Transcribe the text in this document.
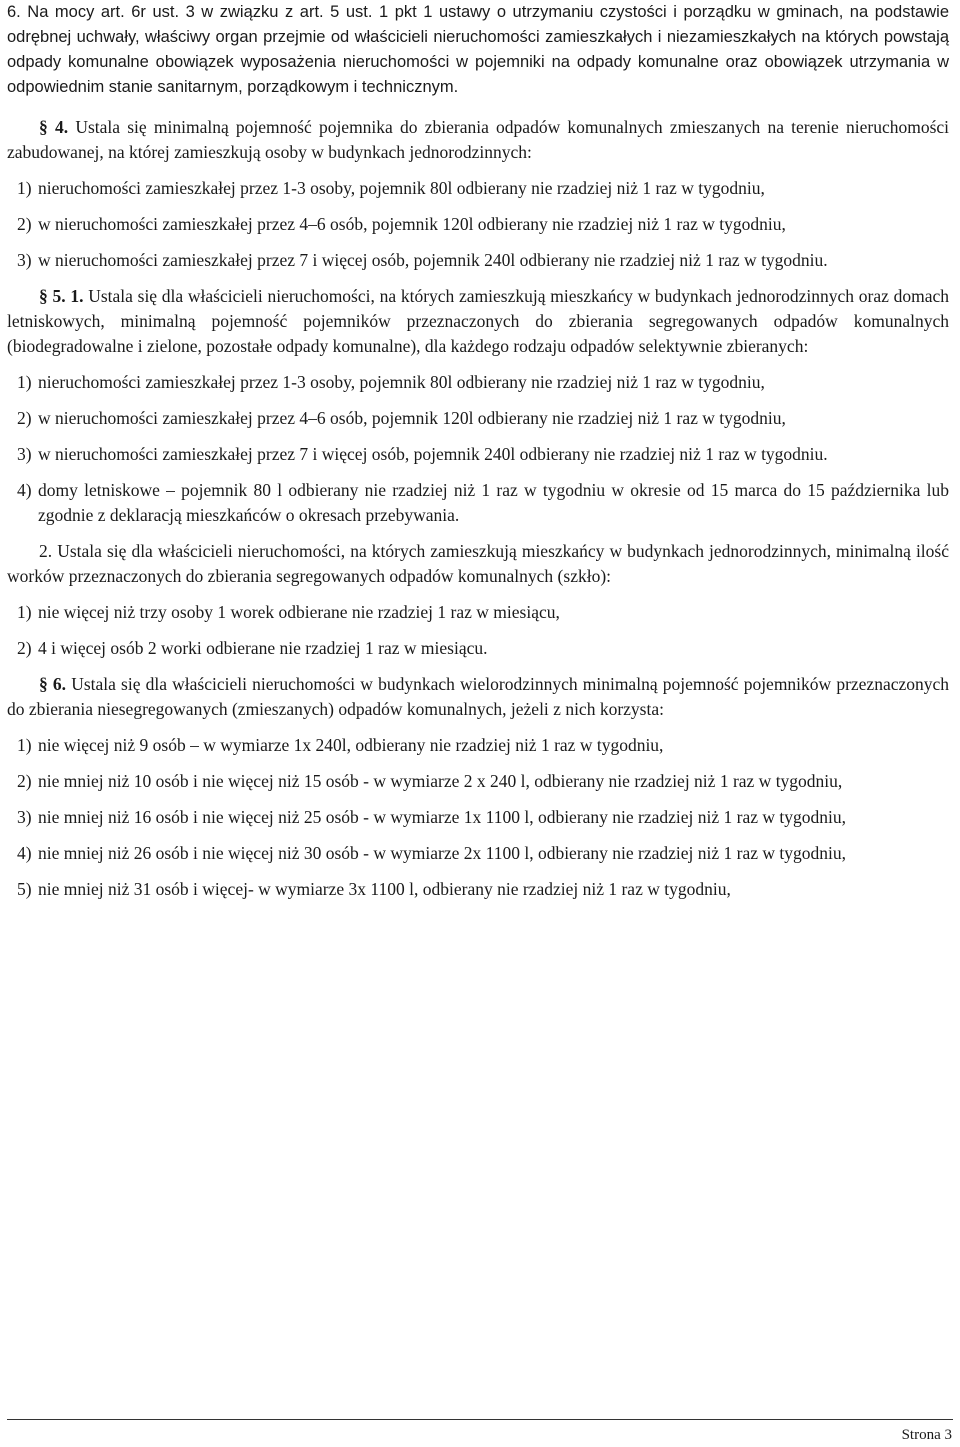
6. Na mocy art. 6r ust. 3 w związku z art. 5 ust. 1 pkt 1 ustawy o utrzymaniu czystości i porządku w gminach, na podstawie odrębnej uchwały, właściwy organ przejmie od właścicieli nieruchomości zamieszkałych i niezamieszkałych na których powstają odpady komunalne obowiązek wyposażenia nieruchomości w pojemniki na odpady komunalne oraz obowiązek utrzymania w odpowiednim stanie sanitarnym, porządkowym i technicznym.

§ 4. Ustala się minimalną pojemność pojemnika do zbierania odpadów komunalnych zmieszanych na terenie nieruchomości zabudowanej, na której zamieszkują osoby w budynkach jednorodzinnych:

1) nieruchomości zamieszkałej przez 1-3 osoby, pojemnik 80l odbierany nie rzadziej niż 1 raz w tygodniu,
2) w nieruchomości zamieszkałej przez 4–6 osób, pojemnik 120l odbierany nie rzadziej niż 1 raz w tygodniu,
3) w nieruchomości zamieszkałej przez 7 i więcej osób, pojemnik 240l odbierany nie rzadziej niż 1 raz w tygodniu.

§ 5. 1. Ustala się dla właścicieli nieruchomości, na których zamieszkują mieszkańcy w budynkach jednorodzinnych oraz domach letniskowych, minimalną pojemność pojemników przeznaczonych do zbierania segregowanych odpadów komunalnych (biodegradowalne i zielone, pozostałe odpady komunalne), dla każdego rodzaju odpadów selektywnie zbieranych:

1) nieruchomości zamieszkałej przez 1-3 osoby, pojemnik 80l odbierany nie rzadziej niż 1 raz w tygodniu,
2) w nieruchomości zamieszkałej przez 4–6 osób, pojemnik 120l odbierany nie rzadziej niż 1 raz w tygodniu,
3) w nieruchomości zamieszkałej przez 7 i więcej osób, pojemnik 240l odbierany nie rzadziej niż 1 raz w tygodniu.
4) domy letniskowe – pojemnik 80 l odbierany nie rzadziej niż 1 raz w tygodniu w okresie od 15 marca do 15 października lub zgodnie z deklaracją mieszkańców o okresach przebywania.

2. Ustala się dla właścicieli nieruchomości, na których zamieszkują mieszkańcy w budynkach jednorodzinnych, minimalną ilość worków przeznaczonych do zbierania segregowanych odpadów komunalnych (szkło):

1) nie więcej niż trzy osoby 1 worek odbierane nie rzadziej 1 raz w miesiącu,
2) 4 i więcej osób 2 worki odbierane nie rzadziej 1 raz w miesiącu.

§ 6. Ustala się dla właścicieli nieruchomości w budynkach wielorodzinnych minimalną pojemność pojemników przeznaczonych do zbierania niesegregowanych (zmieszanych) odpadów komunalnych, jeżeli z nich korzysta:

1) nie więcej niż 9 osób – w wymiarze 1x 240l, odbierany nie rzadziej niż 1 raz w tygodniu,
2) nie mniej niż 10 osób i nie więcej niż 15 osób - w wymiarze 2 x 240 l, odbierany nie rzadziej niż 1 raz w tygodniu,
3) nie mniej niż 16 osób i nie więcej niż 25 osób - w wymiarze 1x 1100 l, odbierany nie rzadziej niż 1 raz w tygodniu,
4) nie mniej niż 26 osób i nie więcej niż 30 osób - w wymiarze 2x 1100 l, odbierany nie rzadziej niż 1 raz w tygodniu,
5) nie mniej niż 31 osób i więcej- w wymiarze 3x 1100 l, odbierany nie rzadziej niż 1 raz w tygodniu,
Strona 3
